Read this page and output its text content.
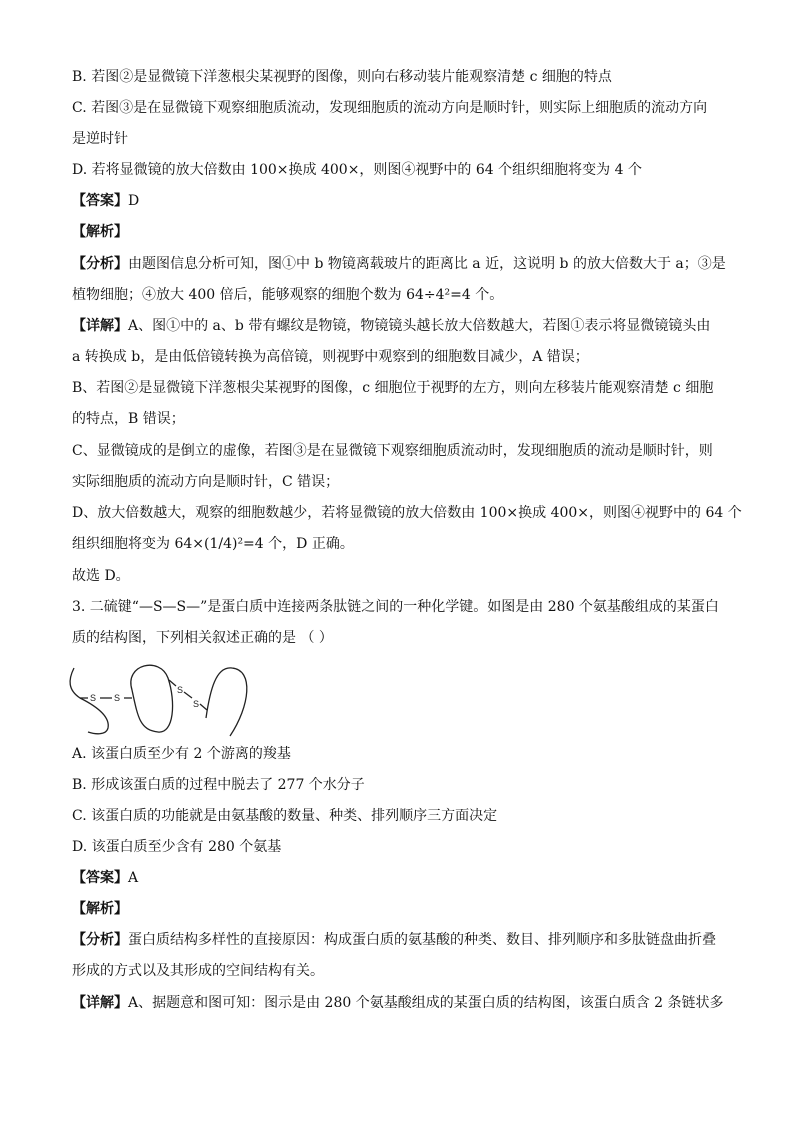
B. 若图②是显微镜下洋葱根尖某视野的图像，则向右移动装片能观察清楚 c 细胞的特点
C. 若图③是在显微镜下观察细胞质流动，发现细胞质的流动方向是顺时针，则实际上细胞质的流动方向
是逆时针
D. 若将显微镜的放大倍数由 100×换成 400×，则图④视野中的 64 个组织细胞将变为 4 个
【答案】D
【解析】
【分析】由题图信息分析可知，图①中 b 物镜离载玻片的距离比 a 近，这说明 b 的放大倍数大于 a；③是
植物细胞；④放大 400 倍后，能够观察的细胞个数为 64÷4²=4 个。
【详解】A、图①中的 a、b 带有螺纹是物镜，物镜镜头越长放大倍数越大，若图①表示将显微镜镜头由
a 转换成 b，是由低倍镜转换为高倍镜，则视野中观察到的细胞数目减少，A 错误；
B、若图②是显微镜下洋葱根尖某视野的图像，c 细胞位于视野的左方，则向左移装片能观察清楚 c 细胞
的特点，B 错误；
C、显微镜成的是倒立的虚像，若图③是在显微镜下观察细胞质流动时，发现细胞质的流动是顺时针，则
实际细胞质的流动方向是顺时针，C 错误；
D、放大倍数越大，观察的细胞数越少，若将显微镜的放大倍数由 100×换成 400×，则图④视野中的 64 个
组织细胞将变为 64×(1/4)²=4 个，D 正确。
故选 D。
3. 二硫键“—S—S—”是蛋白质中连接两条肽链之间的一种化学键。如图是由 280 个氨基酸组成的某蛋白
质的结构图，下列相关叙述正确的是 （ ）
S S
S
S
A. 该蛋白质至少有 2 个游离的羧基
B. 形成该蛋白质的过程中脱去了 277 个水分子
C. 该蛋白质的功能就是由氨基酸的数量、种类、排列顺序三方面决定
D. 该蛋白质至少含有 280 个氨基
【答案】A
【解析】
【分析】蛋白质结构多样性的直接原因：构成蛋白质的氨基酸的种类、数目、排列顺序和多肽链盘曲折叠
形成的方式以及其形成的空间结构有关。
【详解】A、据题意和图可知：图示是由 280 个氨基酸组成的某蛋白质的结构图，该蛋白质含 2 条链状多
